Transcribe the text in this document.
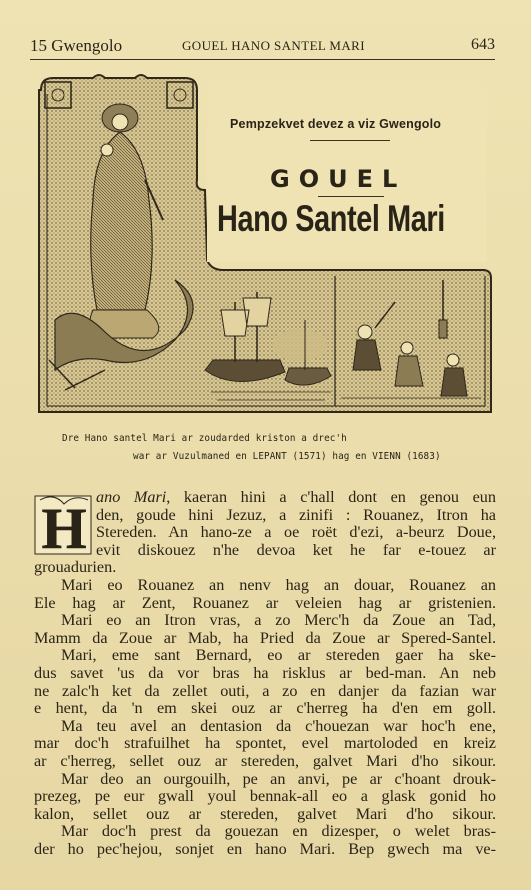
15 Gwengolo	GOUEL HANO SANTEL MARI	643
Pempzekvet devez a viz Gwengolo
GOUEL
Hano Santel Mari
Dre Hano santel Mari ar zoudarded kriston a drec'h
war ar Vuzulmaned en LEPANT (1571) hag en VIENN (1683)
H ano Mari, kaeran hini a c'hall dont en genou eun
den, goude hini Jezuz, a zinifi : Rouanez, Itron ha
Stereden. An hano-ze a oe roët d'ezi, a-beurz Doue,
evit diskouez n'he devoa ket he far e-touez ar
grouadurien.
Mari eo Rouanez an nenv hag an douar, Rouanez an
Ele hag ar Zent, Rouanez ar veleien hag ar gristenien.
Mari eo an Itron vras, a zo Merc'h da Zoue an Tad,
Mamm da Zoue ar Mab, ha Pried da Zoue ar Spered-Santel.
Mari, eme sant Bernard, eo ar stereden gaer ha ske-
dus savet 'us da vor bras ha risklus ar bed-man. An neb
ne zalc'h ket da zellet outi, a zo en danjer da fazian war
e hent, da 'n em skei ouz ar c'herreg ha d'en em goll.
Ma teu avel an dentasion da c'houezan war hoc'h ene,
mar doc'h strafuilhet ha spontet, evel martoloded en kreiz
ar c'herreg, sellet ouz ar stereden, galvet Mari d'ho sikour.
Mar deo an ourgouilh, pe an anvi, pe ar c'hoant drouk-
prezeg, pe eur gwall youl bennak-all eo a glask gonid ho
kalon, sellet ouz ar stereden, galvet Mari d'ho sikour.
Mar doc'h prest da gouezan en dizesper, o welet bras-
der ho pec'hejou, sonjet en hano Mari. Bep gwech ma ve-
